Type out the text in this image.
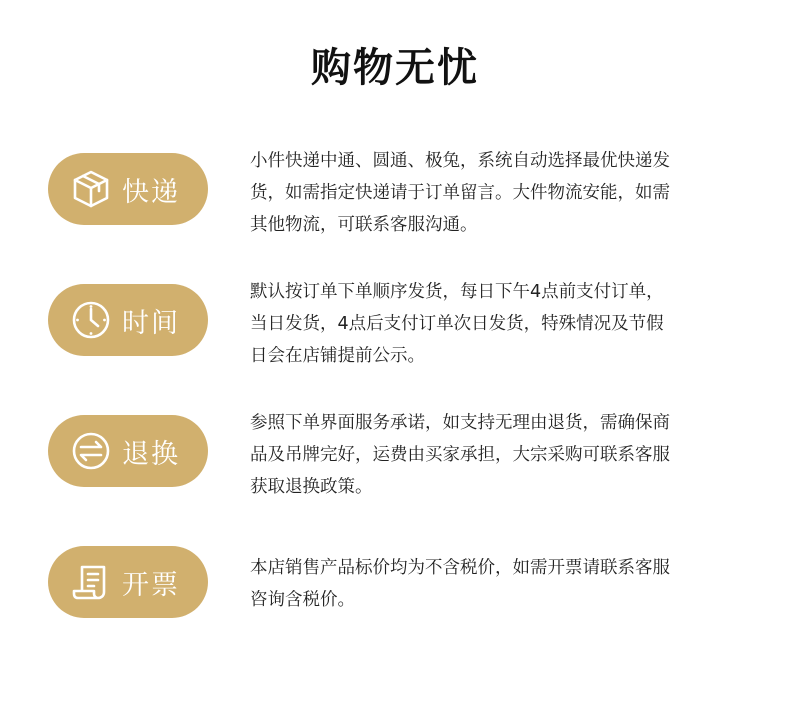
购物无忧
快递

小件快递中通、圆通、极兔，系统自动选择最优快递发
货，如需指定快递请于订单留言。大件物流安能，如需
其他物流，可联系客服沟通。

时间

默认按订单下单顺序发货，每日下午4点前支付订单，
当日发货，4点后支付订单次日发货，特殊情况及节假
日会在店铺提前公示。

退换

参照下单界面服务承诺，如支持无理由退货，需确保商
品及吊牌完好，运费由买家承担，大宗采购可联系客服
获取退换政策。

开票

本店销售产品标价均为不含税价，如需开票请联系客服
咨询含税价。
